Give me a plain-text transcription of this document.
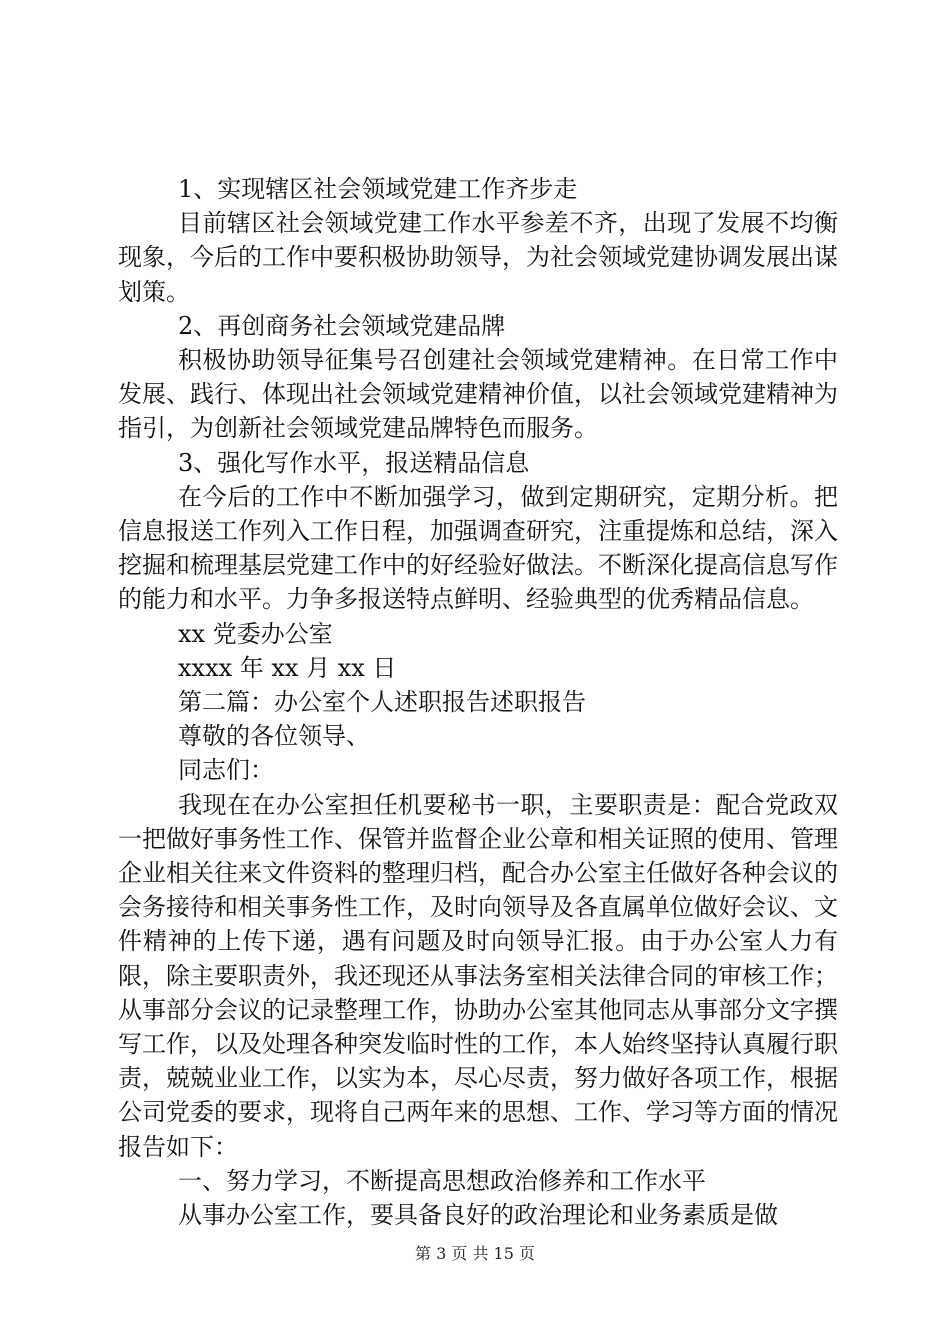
1、实现辖区社会领域党建工作齐步走

目前辖区社会领域党建工作水平参差不齐，出现了发展不均衡现象，今后的工作中要积极协助领导，为社会领域党建协调发展出谋划策。

2、再创商务社会领域党建品牌

积极协助领导征集号召创建社会领域党建精神。在日常工作中发展、践行、体现出社会领域党建精神价值，以社会领域党建精神为指引，为创新社会领域党建品牌特色而服务。

3、强化写作水平，报送精品信息

在今后的工作中不断加强学习，做到定期研究，定期分析。把信息报送工作列入工作日程，加强调查研究，注重提炼和总结，深入挖掘和梳理基层党建工作中的好经验好做法。不断深化提高信息写作的能力和水平。力争多报送特点鲜明、经验典型的优秀精品信息。

xx 党委办公室

xxxx 年 xx 月 xx 日

第二篇：办公室个人述职报告述职报告

尊敬的各位领导、

同志们：

我现在在办公室担任机要秘书一职，主要职责是：配合党政双一把做好事务性工作、保管并监督企业公章和相关证照的使用、管理企业相关往来文件资料的整理归档，配合办公室主任做好各种会议的会务接待和相关事务性工作，及时向领导及各直属单位做好会议、文件精神的上传下递，遇有问题及时向领导汇报。由于办公室人力有限，除主要职责外，我还现还从事法务室相关法律合同的审核工作；从事部分会议的记录整理工作，协助办公室其他同志从事部分文字撰写工作，以及处理各种突发临时性的工作，本人始终坚持认真履行职责，兢兢业业工作，以实为本，尽心尽责，努力做好各项工作，根据公司党委的要求，现将自己两年来的思想、工作、学习等方面的情况报告如下：

一、努力学习，不断提高思想政治修养和工作水平

从事办公室工作，要具备良好的政治理论和业务素质是做

第 3 页 共 15 页
